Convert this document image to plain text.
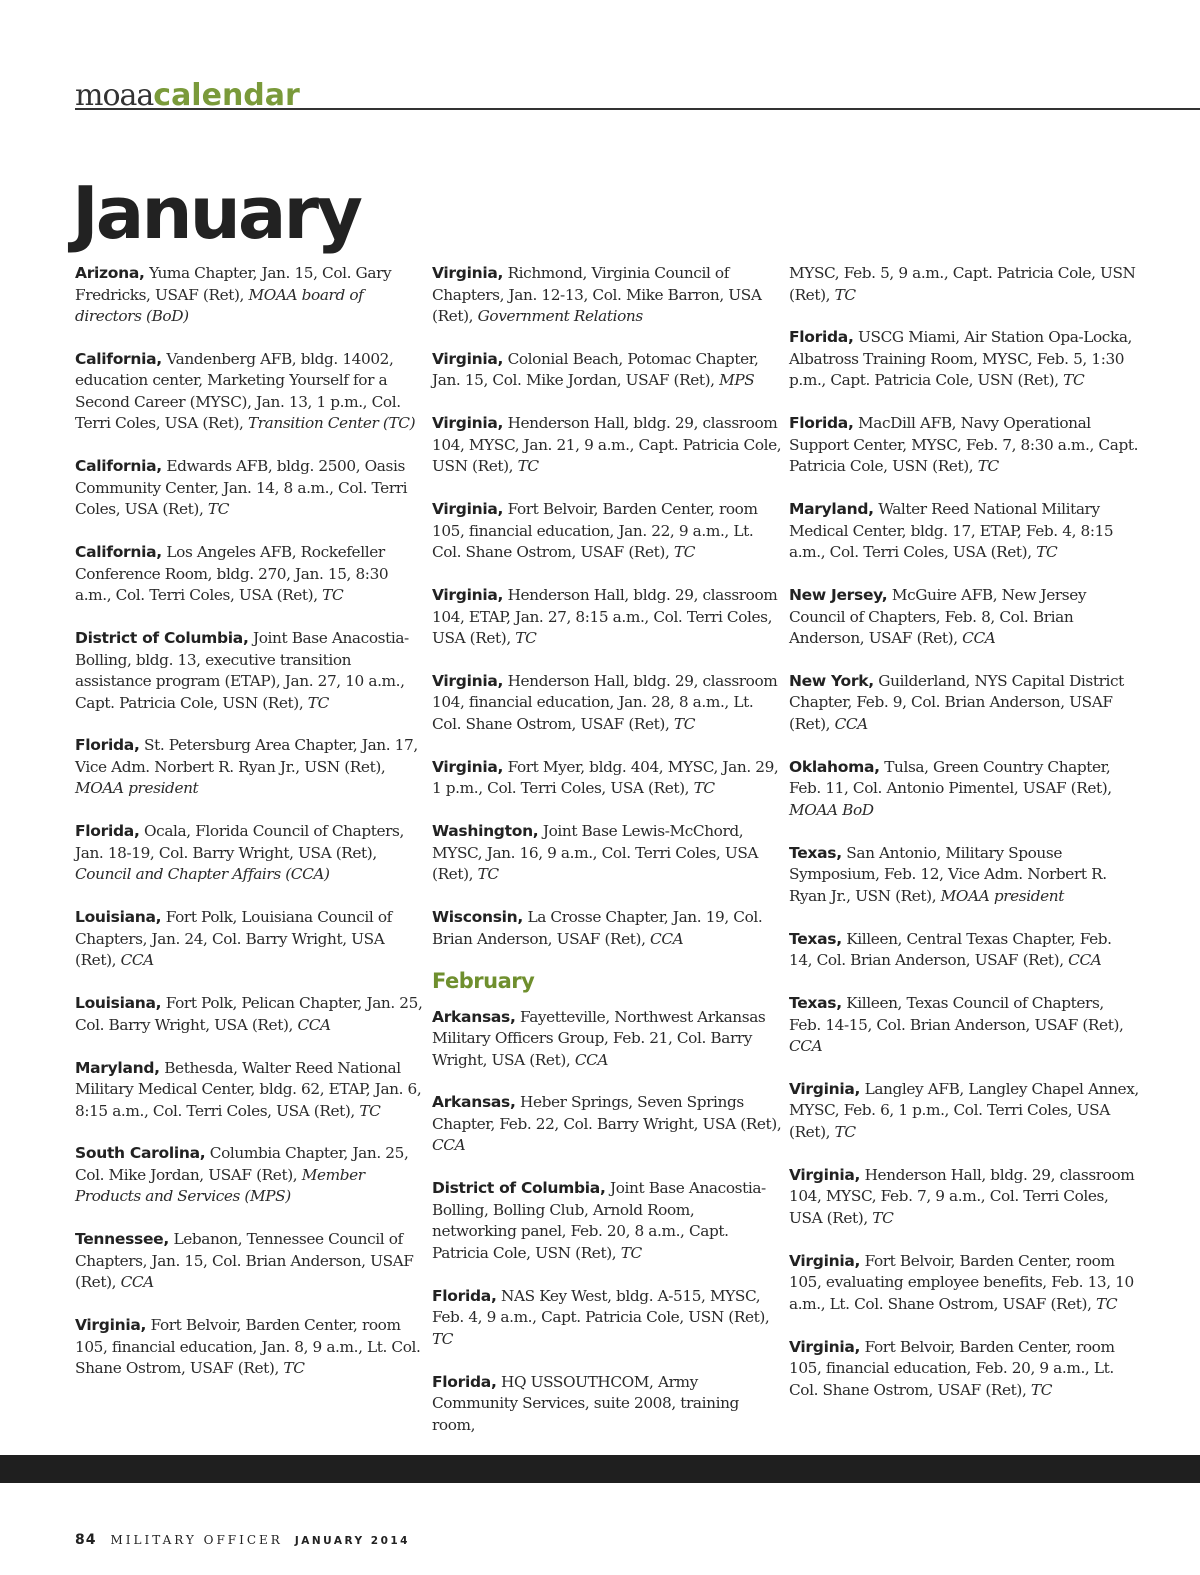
moaacalendar
January
Arizona, Yuma Chapter, Jan. 15, Col. Gary Fredricks, USAF (Ret), MOAA board of directors (BoD)
California, Vandenberg AFB, bldg. 14002, education center, Marketing Yourself for a Second Career (MYSC), Jan. 13, 1 p.m., Col. Terri Coles, USA (Ret), Transition Center (TC)
California, Edwards AFB, bldg. 2500, Oasis Community Center, Jan. 14, 8 a.m., Col. Terri Coles, USA (Ret), TC
California, Los Angeles AFB, Rockefeller Conference Room, bldg. 270, Jan. 15, 8:30 a.m., Col. Terri Coles, USA (Ret), TC
District of Columbia, Joint Base Anacostia-Bolling, bldg. 13, executive transition assistance program (ETAP), Jan. 27, 10 a.m., Capt. Patricia Cole, USN (Ret), TC
Florida, St. Petersburg Area Chapter, Jan. 17, Vice Adm. Norbert R. Ryan Jr., USN (Ret), MOAA president
Florida, Ocala, Florida Council of Chapters, Jan. 18-19, Col. Barry Wright, USA (Ret), Council and Chapter Affairs (CCA)
Louisiana, Fort Polk, Louisiana Council of Chapters, Jan. 24, Col. Barry Wright, USA (Ret), CCA
Louisiana, Fort Polk, Pelican Chapter, Jan. 25, Col. Barry Wright, USA (Ret), CCA
Maryland, Bethesda, Walter Reed National Military Medical Center, bldg. 62, ETAP, Jan. 6, 8:15 a.m., Col. Terri Coles, USA (Ret), TC
South Carolina, Columbia Chapter, Jan. 25, Col. Mike Jordan, USAF (Ret), Member Products and Services (MPS)
Tennessee, Lebanon, Tennessee Council of Chapters, Jan. 15, Col. Brian Anderson, USAF (Ret), CCA
Virginia, Fort Belvoir, Barden Center, room 105, financial education, Jan. 8, 9 a.m., Lt. Col. Shane Ostrom, USAF (Ret), TC
Virginia, Richmond, Virginia Council of Chapters, Jan. 12-13, Col. Mike Barron, USA (Ret), Government Relations
Virginia, Colonial Beach, Potomac Chapter, Jan. 15, Col. Mike Jordan, USAF (Ret), MPS
Virginia, Henderson Hall, bldg. 29, classroom 104, MYSC, Jan. 21, 9 a.m., Capt. Patricia Cole, USN (Ret), TC
Virginia, Fort Belvoir, Barden Center, room 105, financial education, Jan. 22, 9 a.m., Lt. Col. Shane Ostrom, USAF (Ret), TC
Virginia, Henderson Hall, bldg. 29, classroom 104, ETAP, Jan. 27, 8:15 a.m., Col. Terri Coles, USA (Ret), TC
Virginia, Henderson Hall, bldg. 29, classroom 104, financial education, Jan. 28, 8 a.m., Lt. Col. Shane Ostrom, USAF (Ret), TC
Virginia, Fort Myer, bldg. 404, MYSC, Jan. 29, 1 p.m., Col. Terri Coles, USA (Ret), TC
Washington, Joint Base Lewis-McChord, MYSC, Jan. 16, 9 a.m., Col. Terri Coles, USA (Ret), TC
Wisconsin, La Crosse Chapter, Jan. 19, Col. Brian Anderson, USAF (Ret), CCA
February
Arkansas, Fayetteville, Northwest Arkansas Military Officers Group, Feb. 21, Col. Barry Wright, USA (Ret), CCA
Arkansas, Heber Springs, Seven Springs Chapter, Feb. 22, Col. Barry Wright, USA (Ret), CCA
District of Columbia, Joint Base Anacostia-Bolling, Bolling Club, Arnold Room, networking panel, Feb. 20, 8 a.m., Capt. Patricia Cole, USN (Ret), TC
Florida, NAS Key West, bldg. A-515, MYSC, Feb. 4, 9 a.m., Capt. Patricia Cole, USN (Ret), TC
Florida, HQ USSOUTHCOM, Army Community Services, suite 2008, training room,
MYSC, Feb. 5, 9 a.m., Capt. Patricia Cole, USN (Ret), TC
Florida, USCG Miami, Air Station Opa-Locka, Albatross Training Room, MYSC, Feb. 5, 1:30 p.m., Capt. Patricia Cole, USN (Ret), TC
Florida, MacDill AFB, Navy Operational Support Center, MYSC, Feb. 7, 8:30 a.m., Capt. Patricia Cole, USN (Ret), TC
Maryland, Walter Reed National Military Medical Center, bldg. 17, ETAP, Feb. 4, 8:15 a.m., Col. Terri Coles, USA (Ret), TC
New Jersey, McGuire AFB, New Jersey Council of Chapters, Feb. 8, Col. Brian Anderson, USAF (Ret), CCA
New York, Guilderland, NYS Capital District Chapter, Feb. 9, Col. Brian Anderson, USAF (Ret), CCA
Oklahoma, Tulsa, Green Country Chapter, Feb. 11, Col. Antonio Pimentel, USAF (Ret), MOAA BoD
Texas, San Antonio, Military Spouse Symposium, Feb. 12, Vice Adm. Norbert R. Ryan Jr., USN (Ret), MOAA president
Texas, Killeen, Central Texas Chapter, Feb. 14, Col. Brian Anderson, USAF (Ret), CCA
Texas, Killeen, Texas Council of Chapters, Feb. 14-15, Col. Brian Anderson, USAF (Ret), CCA
Virginia, Langley AFB, Langley Chapel Annex, MYSC, Feb. 6, 1 p.m., Col. Terri Coles, USA (Ret), TC
Virginia, Henderson Hall, bldg. 29, classroom 104, MYSC, Feb. 7, 9 a.m., Col. Terri Coles, USA (Ret), TC
Virginia, Fort Belvoir, Barden Center, room 105, evaluating employee benefits, Feb. 13, 10 a.m., Lt. Col. Shane Ostrom, USAF (Ret), TC
Virginia, Fort Belvoir, Barden Center, room 105, financial education, Feb. 20, 9 a.m., Lt. Col. Shane Ostrom, USAF (Ret), TC
84 MILITARY OFFICER JANUARY 2014
